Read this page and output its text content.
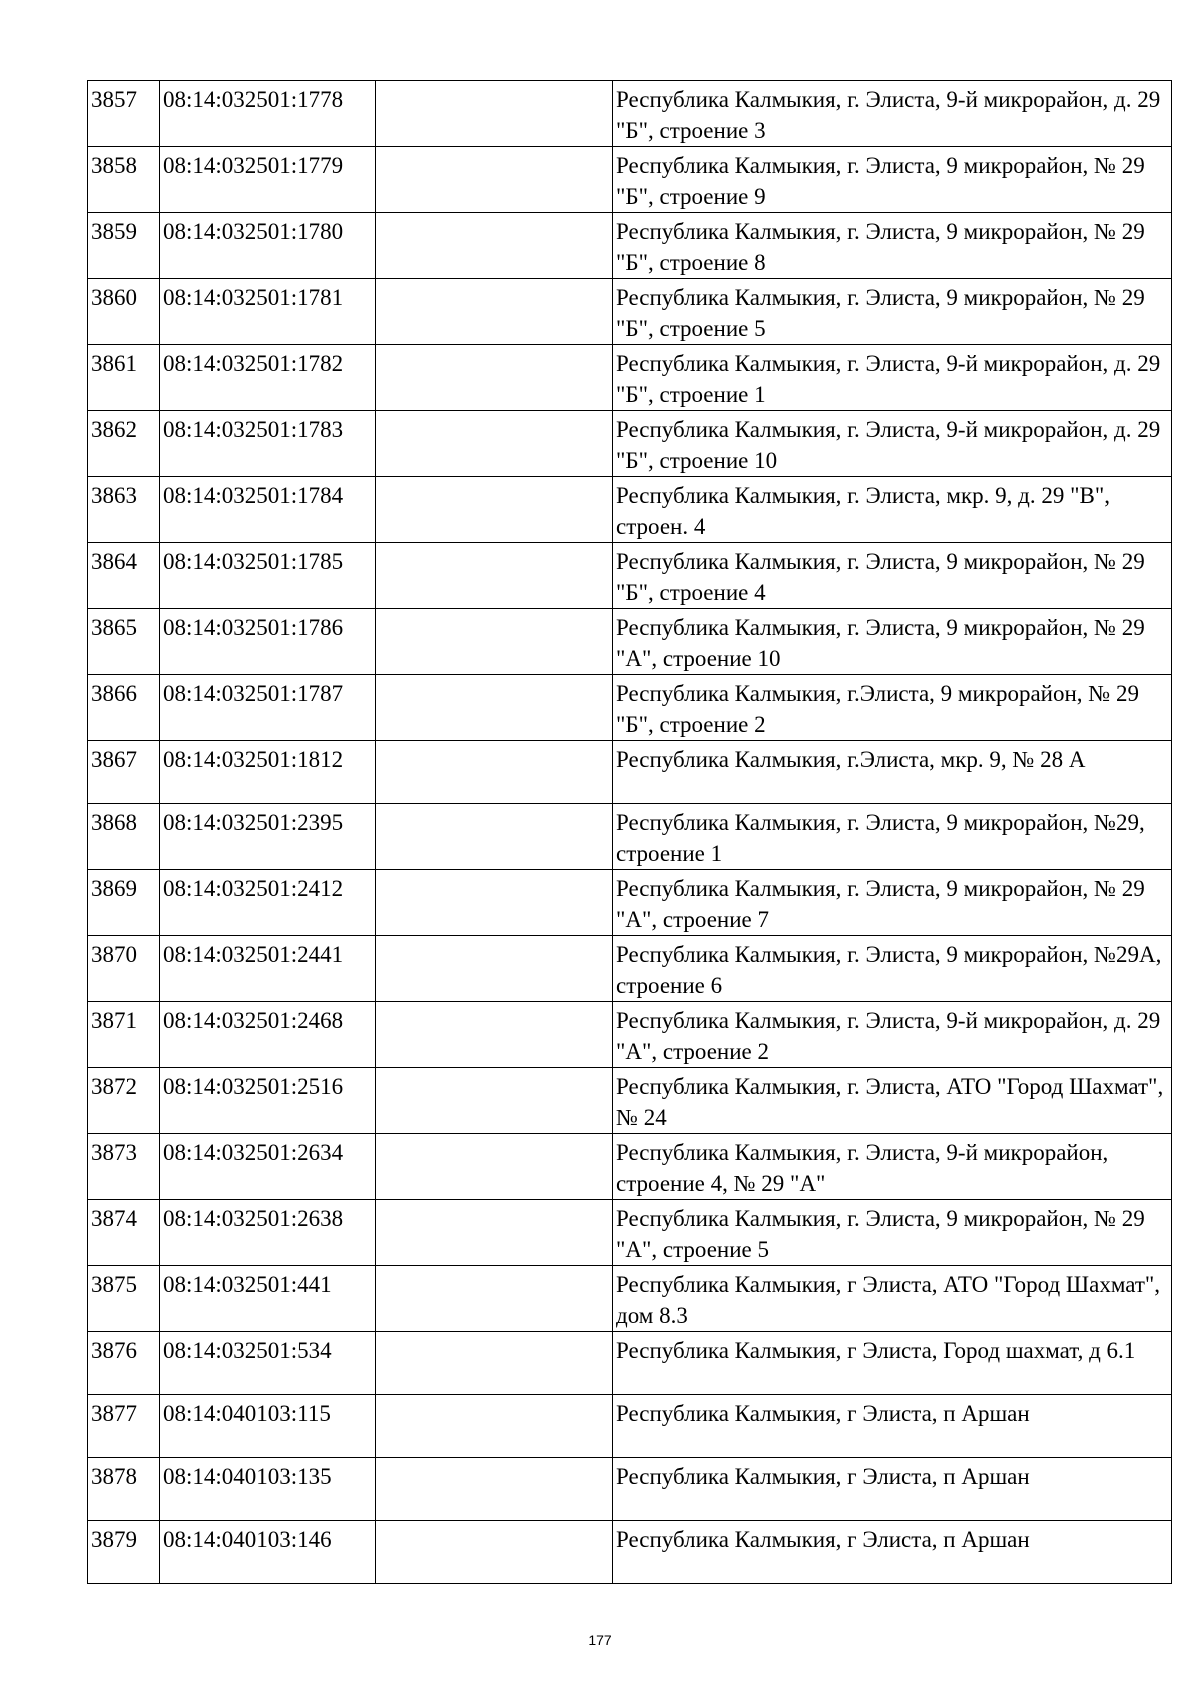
3857	08:14:032501:1778		Республика Калмыкия, г. Элиста, 9-й микрорайон, д. 29 "Б", строение 3
3858	08:14:032501:1779		Республика Калмыкия, г. Элиста, 9 микрорайон, № 29 "Б", строение 9
3859	08:14:032501:1780		Республика Калмыкия, г. Элиста, 9 микрорайон, № 29 "Б", строение 8
3860	08:14:032501:1781		Республика Калмыкия, г. Элиста, 9 микрорайон, № 29 "Б", строение 5
3861	08:14:032501:1782		Республика Калмыкия, г. Элиста, 9-й микрорайон, д. 29 "Б", строение 1
3862	08:14:032501:1783		Республика Калмыкия, г. Элиста, 9-й микрорайон, д. 29 "Б", строение 10
3863	08:14:032501:1784		Республика Калмыкия, г. Элиста, мкр. 9, д. 29 "В", строен. 4
3864	08:14:032501:1785		Республика Калмыкия, г. Элиста, 9 микрорайон, № 29 "Б", строение 4
3865	08:14:032501:1786		Республика Калмыкия, г. Элиста, 9 микрорайон, № 29 "А", строение 10
3866	08:14:032501:1787		Республика Калмыкия, г.Элиста, 9 микрорайон, № 29 "Б", строение 2
3867	08:14:032501:1812		Республика Калмыкия, г.Элиста, мкр. 9, № 28 А
3868	08:14:032501:2395		Республика Калмыкия, г. Элиста, 9 микрорайон, №29, строение 1
3869	08:14:032501:2412		Республика Калмыкия, г. Элиста, 9 микрорайон, № 29 "А", строение 7
3870	08:14:032501:2441		Республика Калмыкия, г. Элиста, 9 микрорайон, №29А, строение 6
3871	08:14:032501:2468		Республика Калмыкия, г. Элиста, 9-й микрорайон, д. 29 "А", строение 2
3872	08:14:032501:2516		Республика Калмыкия, г. Элиста, АТО "Город Шахмат", № 24
3873	08:14:032501:2634		Республика Калмыкия, г. Элиста, 9-й микрорайон, строение 4, № 29 "А"
3874	08:14:032501:2638		Республика Калмыкия, г. Элиста, 9 микрорайон, № 29 "А", строение 5
3875	08:14:032501:441		Республика Калмыкия, г Элиста, АТО "Город Шахмат", дом 8.3
3876	08:14:032501:534		Республика Калмыкия, г Элиста, Город шахмат, д 6.1
3877	08:14:040103:115		Республика Калмыкия, г Элиста, п Аршан
3878	08:14:040103:135		Республика Калмыкия, г Элиста, п Аршан
3879	08:14:040103:146		Республика Калмыкия, г Элиста, п Аршан
177
